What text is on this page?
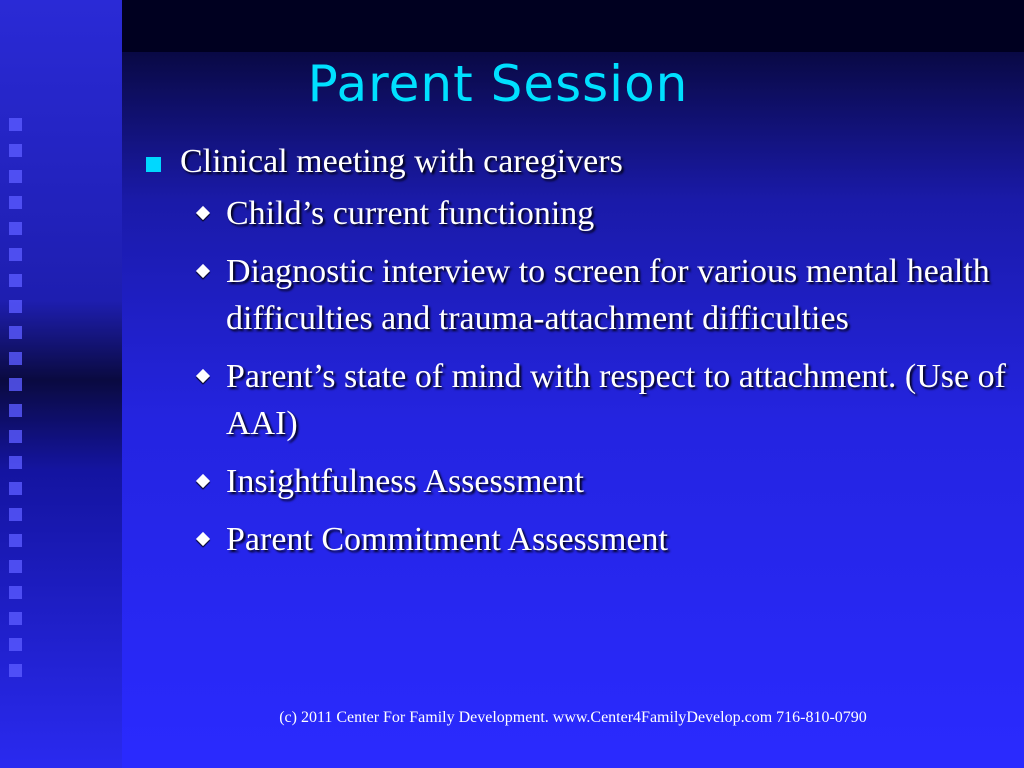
Parent Session
Clinical meeting with caregivers
Child’s current functioning
Diagnostic interview to screen for various mental health difficulties and trauma-attachment difficulties
Parent’s state of mind with respect to attachment. (Use of AAI)
Insightfulness Assessment
Parent Commitment Assessment
(c) 2011 Center For Family Development. www.Center4FamilyDevelop.com 716-810-0790
